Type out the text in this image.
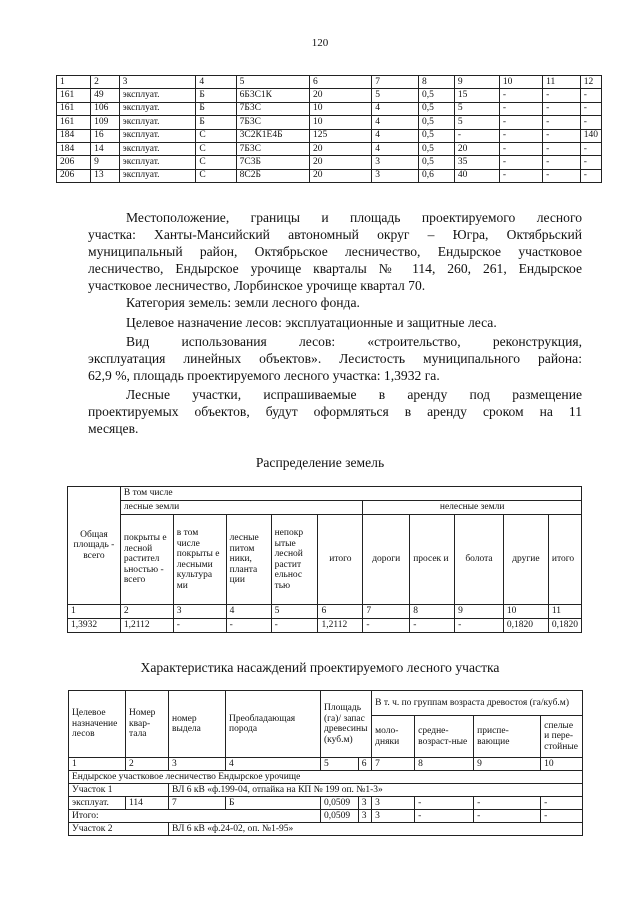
120
1	2	3	4	5	6	7	8	9	10	11	12
161	49	эксплуат.	Б	6Б3С1К	20	5	0,5	15	-	-	-
161	106	эксплуат.	Б	7Б3С	10	4	0,5	5	-	-	-
161	109	эксплуат.	Б	7Б3С	10	4	0,5	5	-	-	-
184	16	эксплуат.	С	3С2К1Е4Б	125	4	0,5	-	-	-	140
184	14	эксплуат.	С	7Б3С	20	4	0,5	20	-	-	-
206	9	эксплуат.	С	7С3Б	20	3	0,5	35	-	-	-
206	13	эксплуат.	С	8С2Б	20	3	0,6	40	-	-	-
Местоположение, границы и площадь проектируемого лесного
участка: Ханты-Мансийский автономный округ – Югра, Октябрьский
муниципальный район, Октябрьское лесничество, Ендырское участковое
лесничество, Ендырское урочище кварталы № 114, 260, 261, Ендырское
участковое лесничество, Лорбинское урочище квартал 70.
Категория земель: земли лесного фонда.
Целевое назначение лесов: эксплуатационные и защитные леса.
Вид использования лесов: «строительство, реконструкция,
эксплуатация линейных объектов». Лесистость муниципального района:
62,9 %, площадь проектируемого лесного участка: 1,3932 га.
Лесные участки, испрашиваемые в аренду под размещение
проектируемых объектов, будут оформляться в аренду сроком на 11
месяцев.
Распределение земель
Общая площадь - всего	В том числе									
	лесные земли					нелесные земли				
	покрыты е лесной растител ьностью - всего	в том числе покрыты е лесными культура ми	лесные питом ники, планта ции	непокр ытые лесной растит ельнос тью	итого	дороги	просек и	болота	другие	итого
1	2	3	4	5	6	7	8	9	10	11
1,3932	1,2112	-	-	-	1,2112	-	-	-	0,1820	0,1820
Характеристика насаждений проектируемого лесного участка
Целевое назначение лесов	Номер квар-тала	номер выдела	Преобладающая порода	Площадь (га)/ запас древесины (куб.м)		В т. ч. по группам возраста древостоя (га/куб.м)			
						моло-дняки	средне-возраст-ные	приспе-вающие	спелые и пере-стойные
1	2	3	4	5	6	7	8	9	10
Ендырское участковое лесничество Ендырское урочище									
Участок 1		ВЛ 6 кВ «ф.199-04, отпайка на КП № 199 оп. №1-3»							
эксплуат.	114	7	Б	0,0509	3	3	-	-	-
Итого:				0,0509	3	3	-	-	-
Участок 2		ВЛ 6 кВ «ф.24-02, оп. №1-95»							
